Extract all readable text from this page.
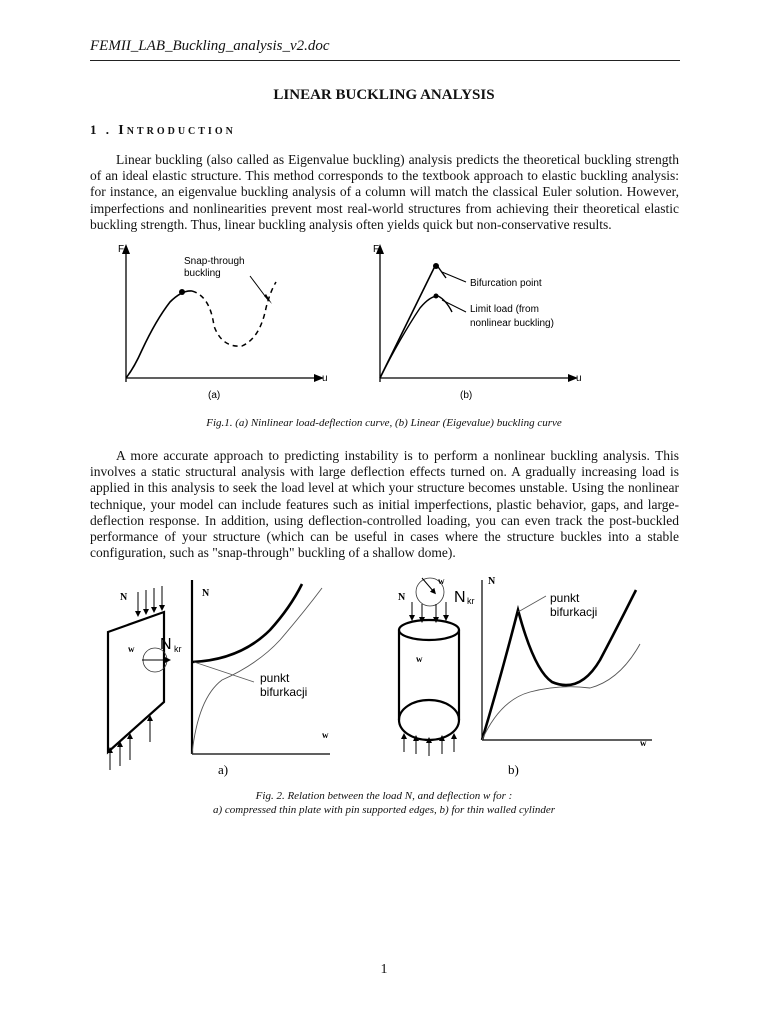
FEMII_LAB_Buckling_analysis_v2.doc
LINEAR BUCKLING ANALYSIS
1 . INTRODUCTION
Linear buckling (also called as Eigenvalue buckling) analysis predicts the theoretical buckling strength of an ideal elastic structure. This method corresponds to the textbook approach to elastic buckling analysis: for instance, an eigenvalue buckling analysis of a column will match the classical Euler solution. However, imperfections and nonlinearities prevent most real-world structures from achieving their theoretical elastic buckling strength. Thus, linear buckling analysis often yields quick but non-conservative results.
F
u
Snap-through
buckling
(a)
F
u
Bifurcation point
Limit load (from
nonlinear buckling)
(b)
Fig.1. (a) Ninlinear load-deflection curve, (b) Linear (Eigevalue) buckling curve
A more accurate approach to predicting instability is to perform a nonlinear buckling analysis. This involves a static structural analysis with large deflection effects turned on. A gradually increasing load is applied in this analysis to seek the load level at which your structure becomes unstable. Using the nonlinear technique, your model can include features such as initial imperfections, plastic behavior, gaps, and large-deflection response. In addition, using deflection-controlled loading, you can even track the post-buckled performance of your structure (which can be useful in cases where the structure buckles into a stable configuration, such as "snap-through" buckling of a shallow dome).
N
w N kr
N
w
punkt
bifurkacji
a)
w
N
w
N kr
N
w
punkt
bifurkacji
b)
Fig. 2. Relation between the load N, and deflection w for :
a) compressed thin plate with pin supported edges, b) for thin walled cylinder
1
